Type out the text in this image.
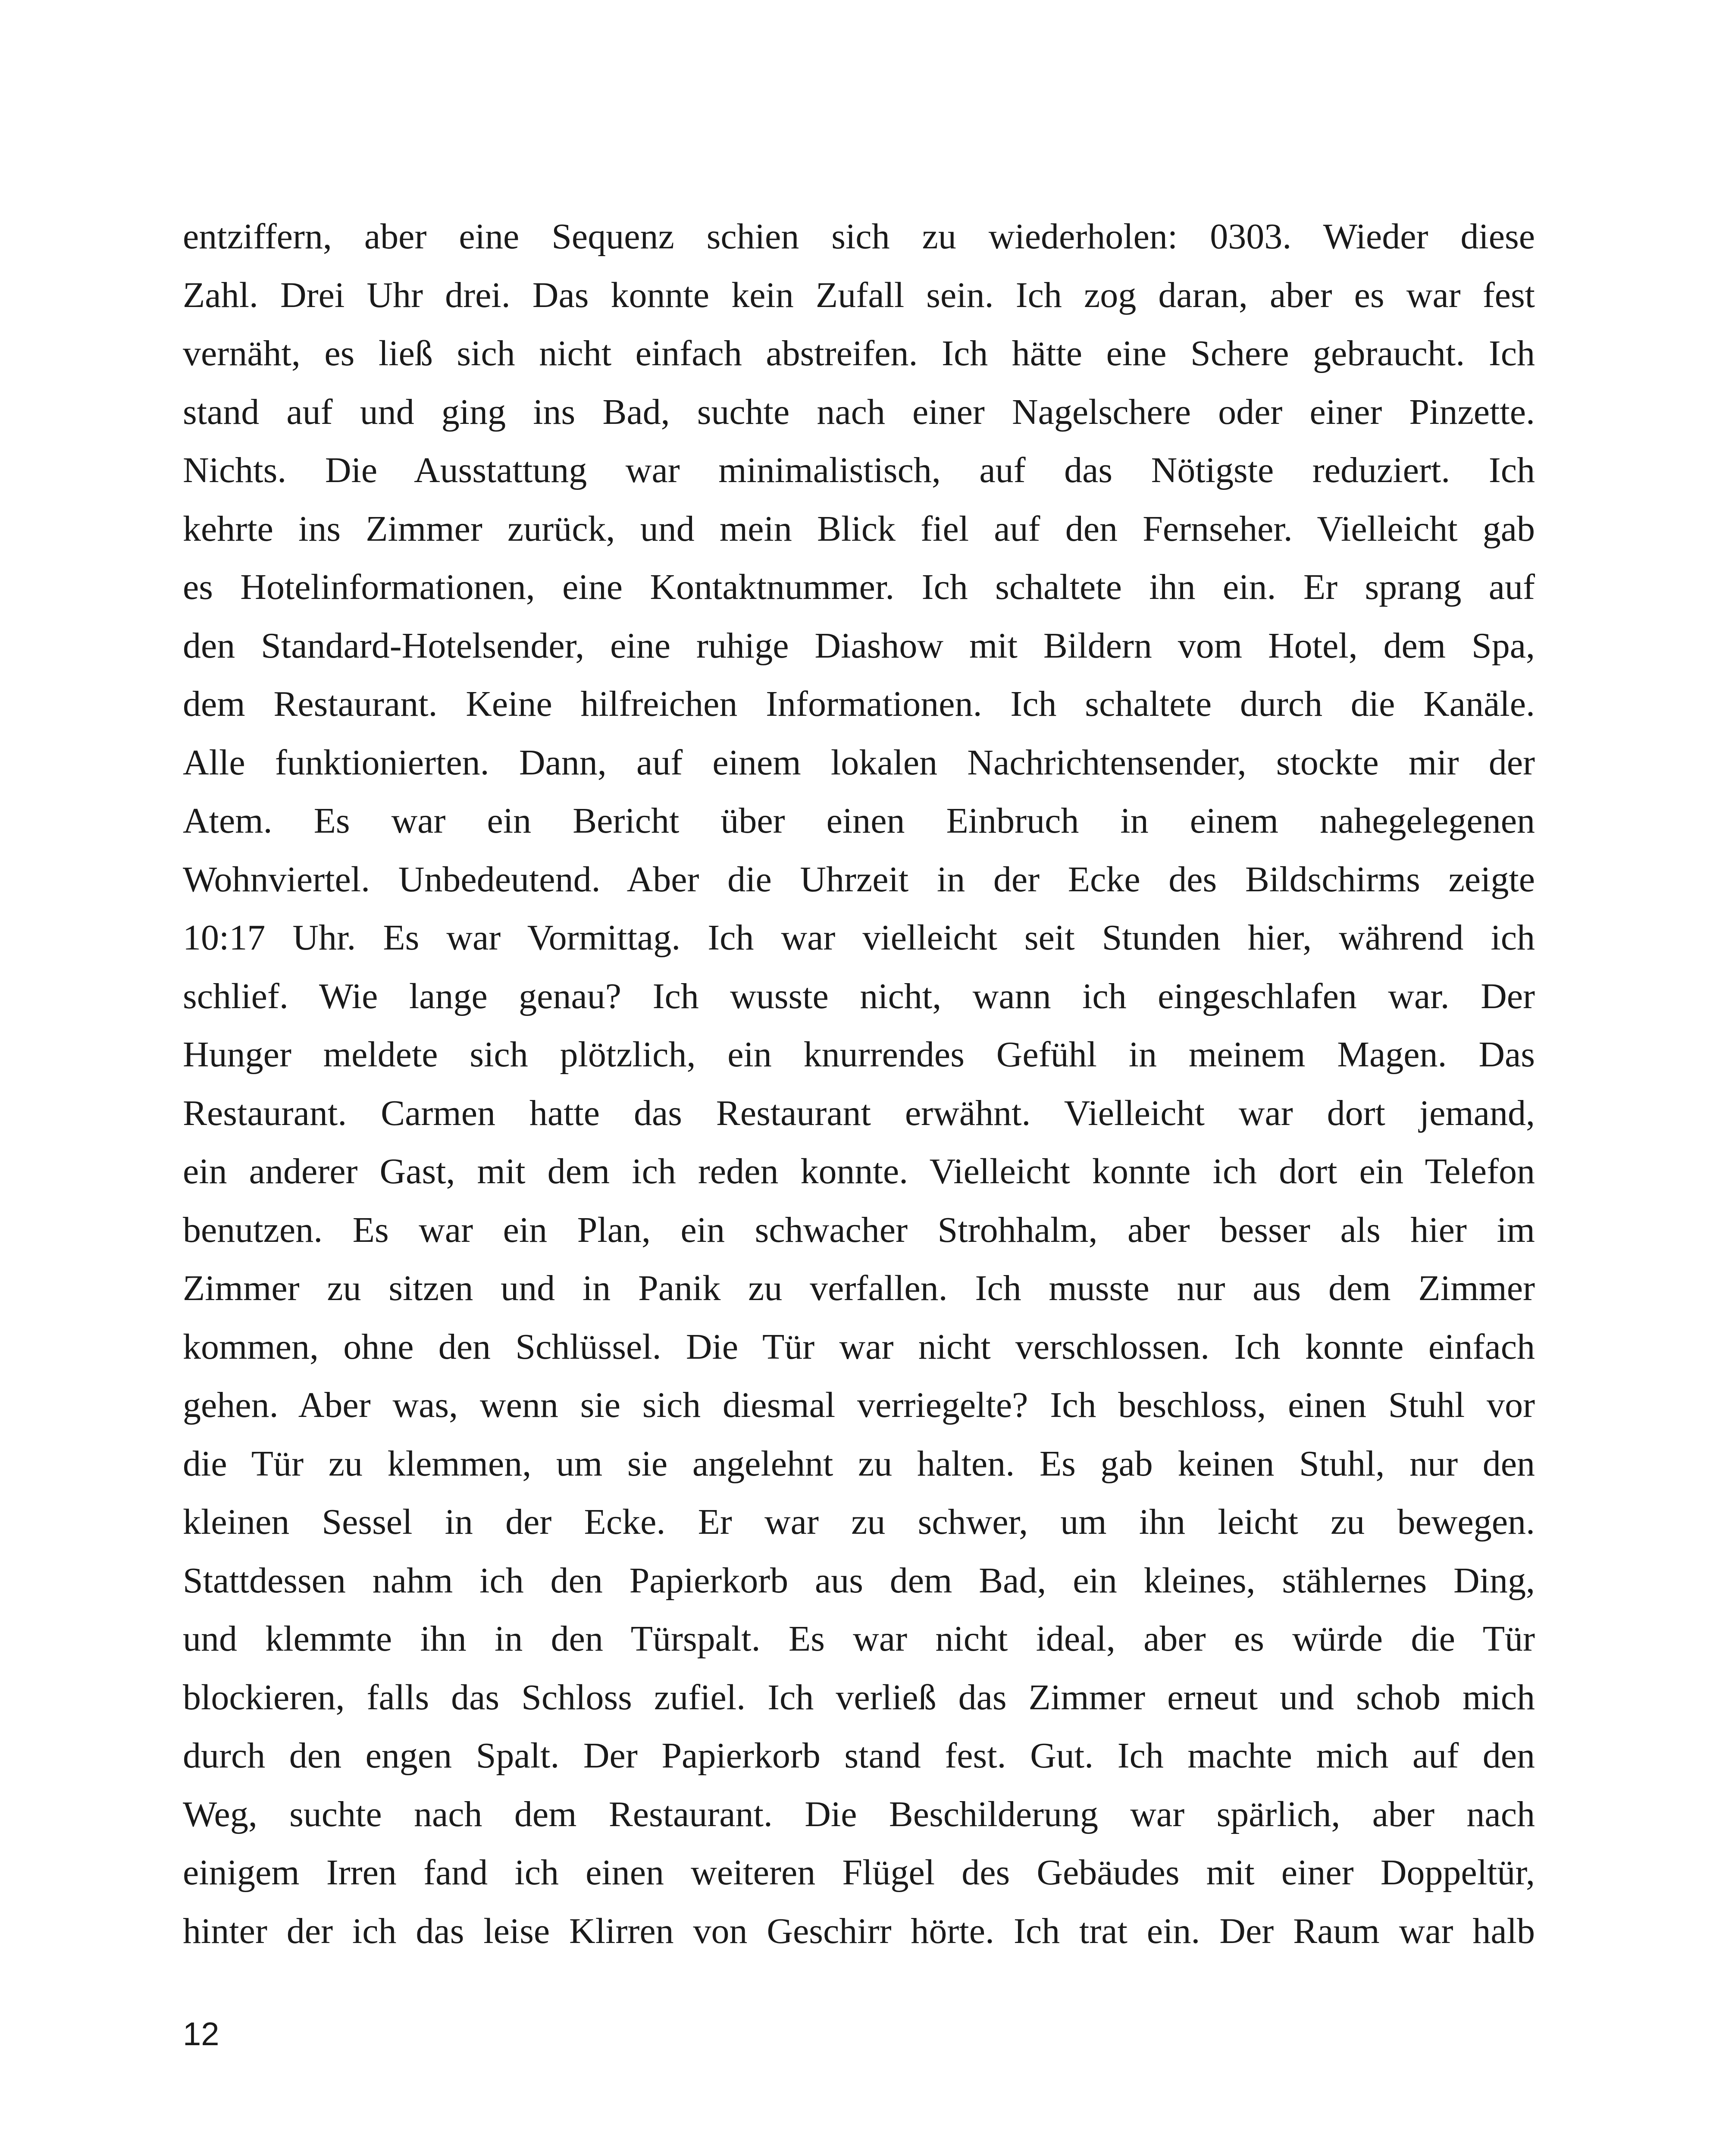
entziffern, aber eine Sequenz schien sich zu wiederholen: 0303. Wieder diese
Zahl. Drei Uhr drei. Das konnte kein Zufall sein. Ich zog daran, aber es war fest
vernäht, es ließ sich nicht einfach abstreifen. Ich hätte eine Schere gebraucht. Ich
stand auf und ging ins Bad, suchte nach einer Nagelschere oder einer Pinzette.
Nichts. Die Ausstattung war minimalistisch, auf das Nötigste reduziert. Ich
kehrte ins Zimmer zurück, und mein Blick fiel auf den Fernseher. Vielleicht gab
es Hotelinformationen, eine Kontaktnummer. Ich schaltete ihn ein. Er sprang auf
den Standard-Hotelsender, eine ruhige Diashow mit Bildern vom Hotel, dem Spa,
dem Restaurant. Keine hilfreichen Informationen. Ich schaltete durch die Kanäle.
Alle funktionierten. Dann, auf einem lokalen Nachrichtensender, stockte mir der
Atem. Es war ein Bericht über einen Einbruch in einem nahegelegenen
Wohnviertel. Unbedeutend. Aber die Uhrzeit in der Ecke des Bildschirms zeigte
10:17 Uhr. Es war Vormittag. Ich war vielleicht seit Stunden hier, während ich
schlief. Wie lange genau? Ich wusste nicht, wann ich eingeschlafen war. Der
Hunger meldete sich plötzlich, ein knurrendes Gefühl in meinem Magen. Das
Restaurant. Carmen hatte das Restaurant erwähnt. Vielleicht war dort jemand,
ein anderer Gast, mit dem ich reden konnte. Vielleicht konnte ich dort ein Telefon
benutzen. Es war ein Plan, ein schwacher Strohhalm, aber besser als hier im
Zimmer zu sitzen und in Panik zu verfallen. Ich musste nur aus dem Zimmer
kommen, ohne den Schlüssel. Die Tür war nicht verschlossen. Ich konnte einfach
gehen. Aber was, wenn sie sich diesmal verriegelte? Ich beschloss, einen Stuhl vor
die Tür zu klemmen, um sie angelehnt zu halten. Es gab keinen Stuhl, nur den
kleinen Sessel in der Ecke. Er war zu schwer, um ihn leicht zu bewegen.
Stattdessen nahm ich den Papierkorb aus dem Bad, ein kleines, stählernes Ding,
und klemmte ihn in den Türspalt. Es war nicht ideal, aber es würde die Tür
blockieren, falls das Schloss zufiel. Ich verließ das Zimmer erneut und schob mich
durch den engen Spalt. Der Papierkorb stand fest. Gut. Ich machte mich auf den
Weg, suchte nach dem Restaurant. Die Beschilderung war spärlich, aber nach
einigem Irren fand ich einen weiteren Flügel des Gebäudes mit einer Doppeltür,
hinter der ich das leise Klirren von Geschirr hörte. Ich trat ein. Der Raum war halb
12
